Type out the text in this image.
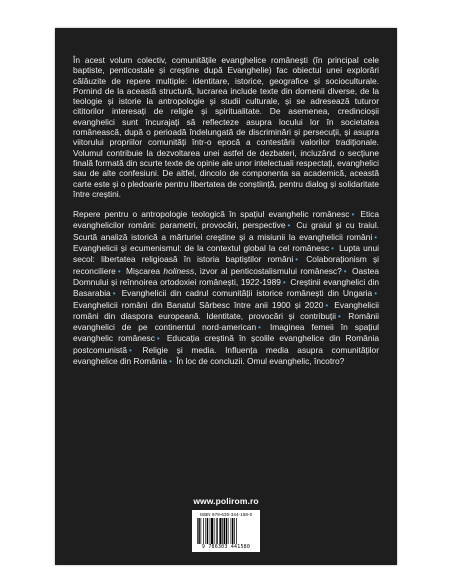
În acest volum colectiv, comunitățile evanghelice românești (în principal cele baptiste, penticostale și creștine după Evanghelie) fac obiectul unei explorări călăuzite de repere multiple: identitare, istorice, geografice și socioculturale. Pornind de la această structură, lucrarea include texte din domenii diverse, de la teologie și istorie la antropologie și studii culturale, și se adresează tuturor cititorilor interesați de religie și spiritualitate. De asemenea, credincioșii evanghelici sunt încurajați să reflecteze asupra locului lor în societatea românească, după o perioadă îndelungată de discriminări și persecuții, și asupra viitorului propriilor comunități într-o epocă a contestării valorilor tradiționale. Volumul contribuie la dezvoltarea unei astfel de dezbateri, incluzând o secțiune finală formată din scurte texte de opinie ale unor intelectuali respectați, evanghelici sau de alte confesiuni. De altfel, dincolo de componenta sa academică, această carte este și o pledoarie pentru libertatea de conștiință, pentru dialog și solidaritate între creștini.

Repere pentru o antropologie teologică în spațiul evanghelic românesc • Etica evanghelicilor români: parametri, provocări, perspective • Cu graiul și cu traiul. Scurtă analiză istorică a mărturiei creștine și a misiunii la evanghelicii români • Evanghelicii și ecumenismul: de la contextul global la cel românesc • Lupta unui secol: libertatea religioasă în istoria baptiștilor români • Colaboraționism și reconciliere • Mișcarea holiness, izvor al penticostalismului românesc? • Oastea Domnului și reînnoirea ortodoxiei românești, 1922-1989 • Creștinii evanghelici din Basarabia • Evanghelicii din cadrul comunității istorice românești din Ungaria • Evanghelicii români din Banatul Sârbesc între anii 1900 și 2020 • Evanghelicii români din diaspora europeană. Identitate, provocări și contribuții • Românii evanghelici de pe continentul nord-american • Imaginea femeii în spațiul evanghelic românesc • Educația creștină în școlile evanghelice din România postcomunistă • Religie și media. Influența media asupra comunităților evanghelice din România • În loc de concluzii. Omul evanghelic, încotro?

www.polirom.ro
ISBN 978-630-344-158-0
9 786303 441580
